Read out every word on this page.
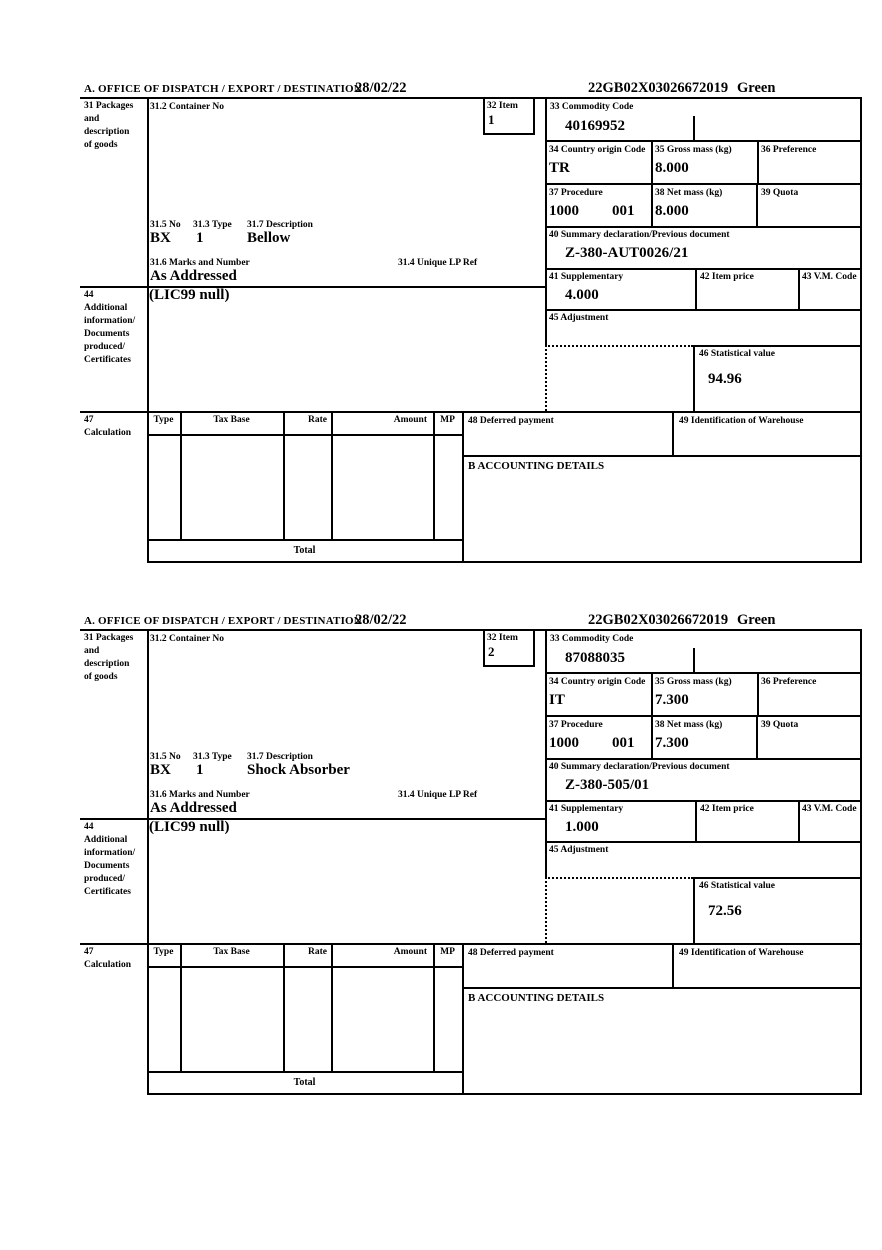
A. OFFICE OF DISPATCH / EXPORT / DESTINATION
28/02/22	22GB02X03026672019 Green
31 Packages
and
description
of goods
31.2 Container No	32 Item
1
33 Commodity Code
40169952
34 Country origin Code
TR
35 Gross mass (kg)
8.000
36 Preference
37 Procedure
1000 001
38 Net mass (kg)
8.000
39 Quota
40 Summary declaration/Previous document
Z-380-AUT0026/21
41 Supplementary
4.000
42 Item price	43 V.M. Code
45 Adjustment
46 Statistical value
94.96
31.5 No 31.3 Type 31.7 Description
BX 1	Bellow
31.6 Marks and Number
As Addressed
31.4 Unique LP Ref
44
Additional
information/
Documents
produced/
Certificates
(LIC99 null)
47
Calculation
Type	Tax Base	Rate	Amount	MP	48 Deferred payment	49 Identification of Warehouse
B ACCOUNTING DETAILS
Total
A. OFFICE OF DISPATCH / EXPORT / DESTINATION
28/02/22	22GB02X03026672019 Green
31 Packages
and
description
of goods
31.2 Container No	32 Item
2
33 Commodity Code
87088035
34 Country origin Code
IT
35 Gross mass (kg)
7.300
36 Preference
37 Procedure
1000 001
38 Net mass (kg)
7.300
39 Quota
40 Summary declaration/Previous document
Z-380-505/01
41 Supplementary
1.000
42 Item price	43 V.M. Code
45 Adjustment
46 Statistical value
72.56
31.5 No 31.3 Type 31.7 Description
BX 1	Shock Absorber
31.6 Marks and Number
As Addressed
31.4 Unique LP Ref
44
Additional
information/
Documents
produced/
Certificates
(LIC99 null)
47
Calculation
Type	Tax Base	Rate	Amount	MP	48 Deferred payment	49 Identification of Warehouse
B ACCOUNTING DETAILS
Total
